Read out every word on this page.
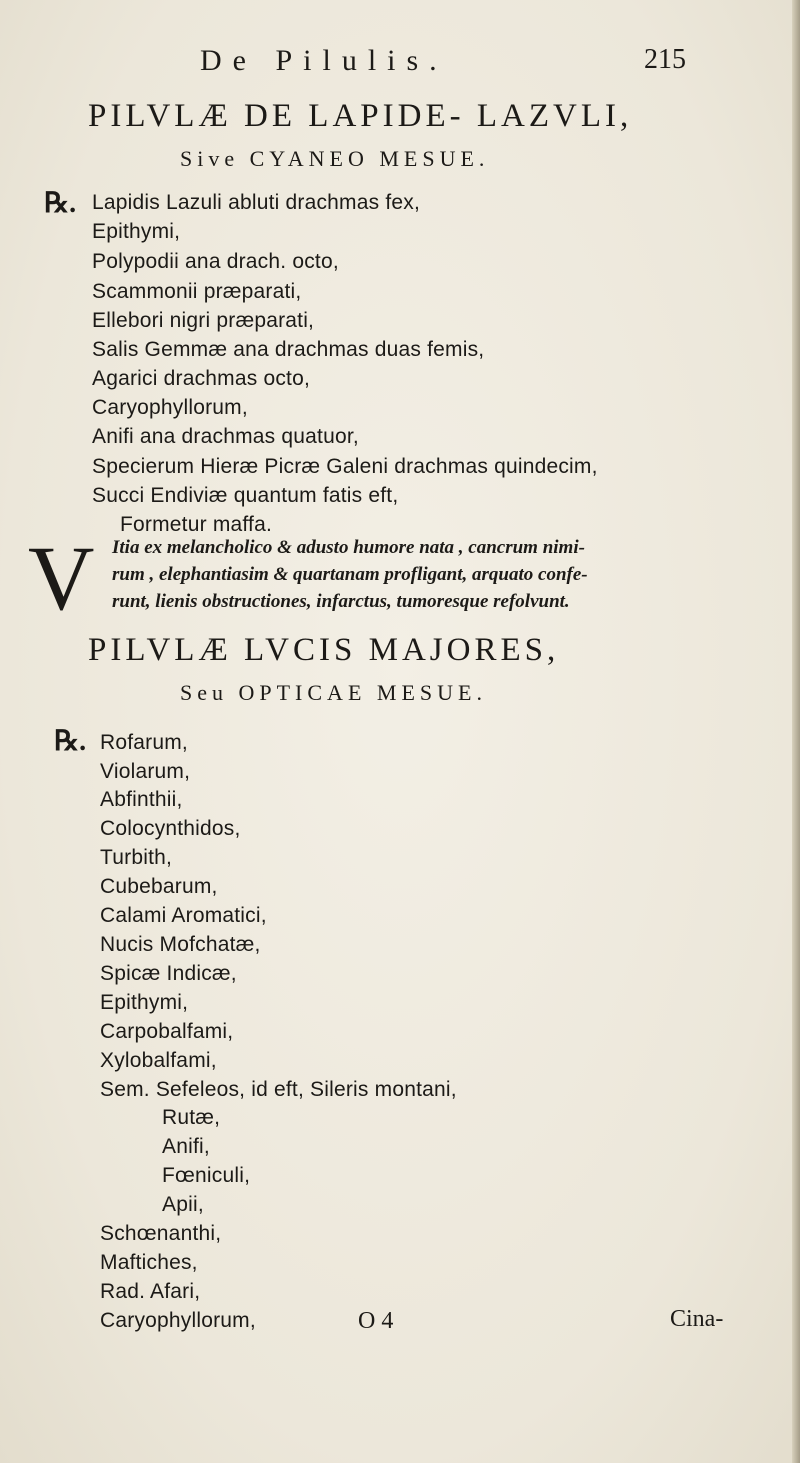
De Pilulis.	215
PILVLÆ DE LAPIDE- LAZVLI,
Sive CYANEO MESUE.
℞. Lapidis Lazuli abluti drachmas fex,
Epithymi,
Polypodii ana drach. octo,
Scammonii præparati,
Ellebori nigri præparati,
Salis Gemmæ ana drachmas duas femis,
Agarici drachmas octo,
Caryophyllorum,
Anifi ana drachmas quatuor,
Specierum Hieræ Picræ Galeni drachmas quindecim,
Succi Endiviæ quantum fatis eft,
Formetur maffa.
V Itia ex melancholico & adusto humore nata , cancrum nimi-
rum , elephantiasim & quartanam profligant, arquato confe-
runt, lienis obstructiones, infarctus, tumoresque refolvunt.
PILVLÆ LVCIS MAJORES,
Seu OPTICAE MESUE.
℞. Rofarum,
Violarum,
Abfinthii,
Colocynthidos,
Turbith,
Cubebarum,
Calami Aromatici,
Nucis Mofchatæ,
Spicæ Indicæ,
Epithymi,
Carpobalfami,
Xylobalfami,
Sem. Sefeleos, id eft, Sileris montani,
Rutæ,
Anifi,
Fœniculi,
Apii,
Schœnanthi,
Maftiches,
Rad. Afari,
Caryophyllorum,	O 4	Cina-
